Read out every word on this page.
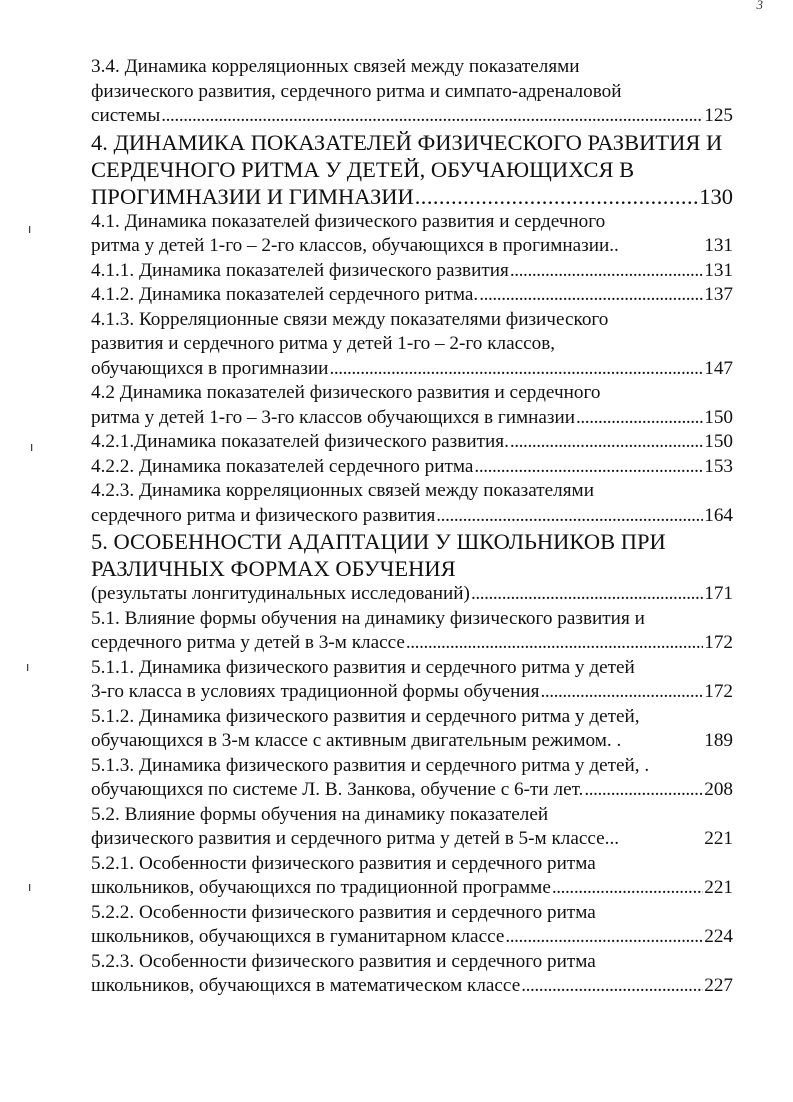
3
ı
ı
ı
ı
3.4. Динамика корреляционных связей между показателями
физического развития, сердечного ритма и симпато-адреналовой
системы . . .	125
4. ДИНАМИКА ПОКАЗАТЕЛЕЙ ФИЗИЧЕСКОГО РАЗВИТИЯ И
СЕРДЕЧНОГО РИТМА У ДЕТЕЙ, ОБУЧАЮЩИХСЯ В
ПРОГИМНАЗИИ И ГИМНАЗИИ . . .	130
4.1. Динамика показателей физического развития и сердечного
ритма у детей 1-го – 2-го классов, обучающихся в прогимназии..	131
4.1.1. Динамика показателей физического развития . . .	131
4.1.2. Динамика показателей сердечного ритма. . . .	137
4.1.3. Корреляционные связи между показателями физического
развития и сердечного ритма у детей 1-го – 2-го классов,
обучающихся в прогимназии . . .	147
4.2 Динамика показателей физического развития и сердечного
ритма у детей 1-го – 3-го классов обучающихся в гимназии . . .	150
4.2.1.Динамика показателей физического развития. . . .	150
4.2.2. Динамика показателей сердечного ритма . . .	153
4.2.3. Динамика корреляционных связей между показателями
сердечного ритма и физического развития . . .	164
5. ОСОБЕННОСТИ АДАПТАЦИИ У ШКОЛЬНИКОВ ПРИ
РАЗЛИЧНЫХ ФОРМАХ ОБУЧЕНИЯ
(результаты лонгитудинальных исследований) . . .	171
5.1. Влияние формы обучения на динамику физического развития и
сердечного ритма у детей в 3-м классе . . .	172
5.1.1. Динамика физического развития и сердечного ритма у детей
3-го класса в условиях традиционной формы обучения . . .	172
5.1.2. Динамика физического развития и сердечного ритма у детей,
обучающихся в 3-м классе с активным двигательным режимом. .	189
5.1.3. Динамика физического развития и сердечного ритма у детей, .
обучающихся по системе Л. В. Занкова, обучение с 6-ти лет. . . .	208
5.2. Влияние формы обучения на динамику показателей
физического развития и сердечного ритма у детей в 5-м классе...	221
5.2.1. Особенности физического развития и сердечного ритма
школьников, обучающихся по традиционной программе . . .	221
5.2.2. Особенности физического развития и сердечного ритма
школьников, обучающихся в гуманитарном классе . . .	224
5.2.3. Особенности физического развития и сердечного ритма
школьников, обучающихся в математическом классе . . .	227
